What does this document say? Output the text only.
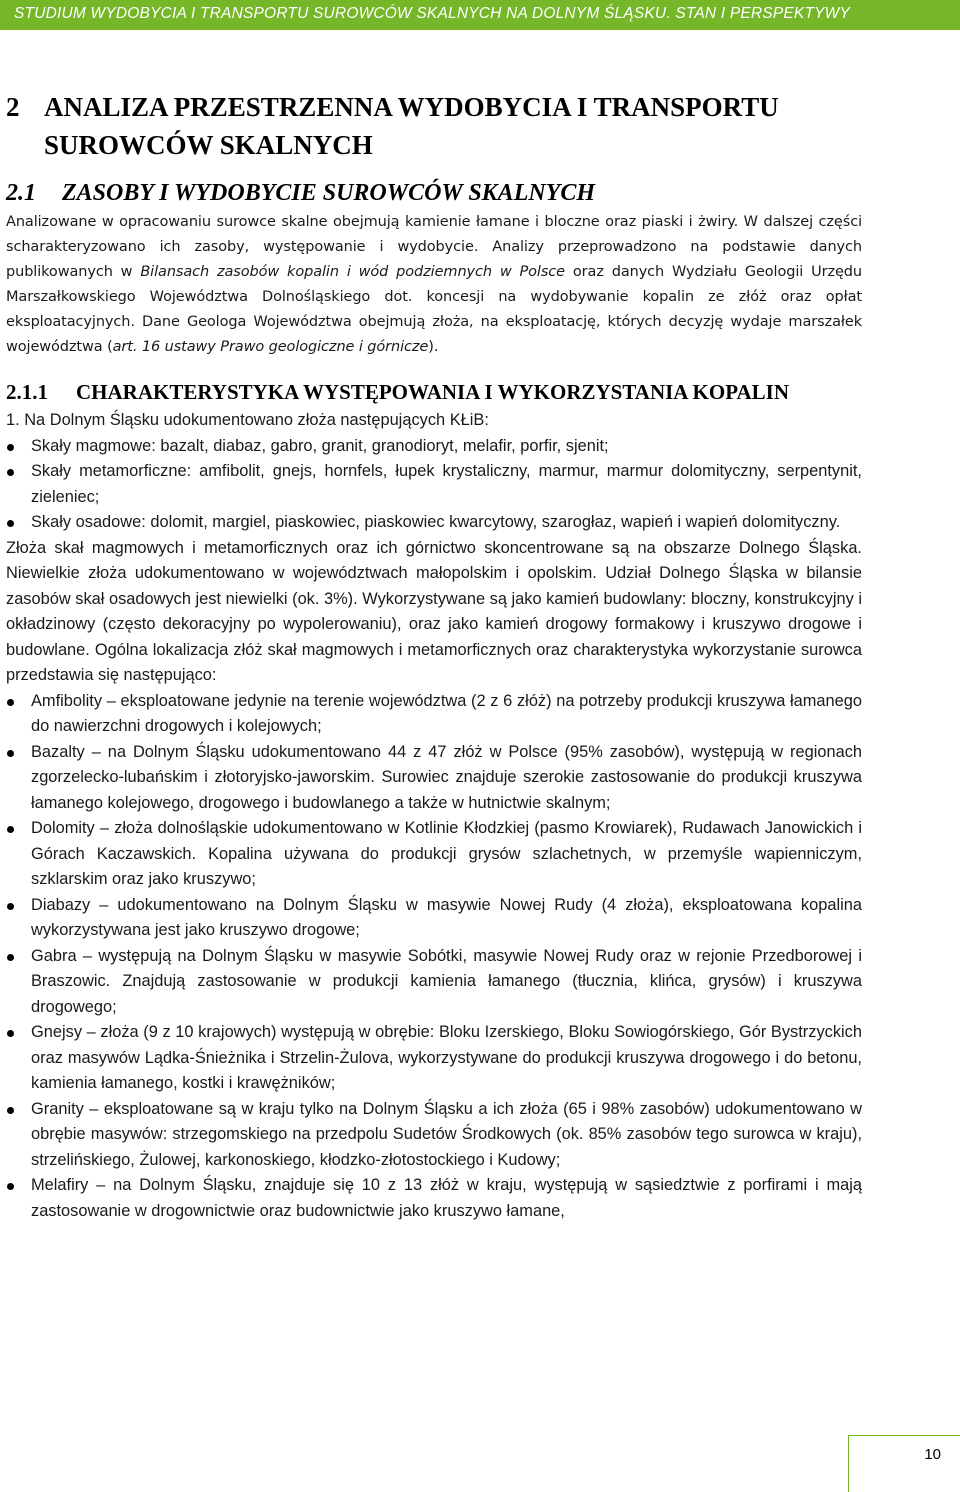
STUDIUM WYDOBYCIA I TRANSPORTU SUROWCÓW SKALNYCH NA DOLNYM ŚLĄSKU. STAN I PERSPEKTYWY
2 ANALIZA PRZESTRZENNA WYDOBYCIA I TRANSPORTU
SUROWCÓW SKALNYCH
2.1	ZASOBY I WYDOBYCIE SUROWCÓW SKALNYCH

Analizowane w opracowaniu surowce skalne obejmują kamienie łamane i bloczne oraz piaski i żwiry. W dalszej części scharakteryzowano ich zasoby, występowanie i wydobycie. Analizy przeprowadzono na podstawie danych publikowanych w Bilansach zasobów kopalin i wód podziemnych w Polsce oraz danych Wydziału Geologii Urzędu Marszałkowskiego Województwa Dolnośląskiego dot. koncesji na wydobywanie kopalin ze złóż oraz opłat eksploatacyjnych. Dane Geologa Województwa obejmują złoża, na eksploatację, których decyzję wydaje marszałek województwa (art. 16 ustawy Prawo geologiczne i górnicze).

2.1.1	CHARAKTERYSTYKA WYSTĘPOWANIA I WYKORZYSTANIA KOPALIN

1. Na Dolnym Śląsku udokumentowano złoża następujących KŁiB:

Skały magmowe: bazalt, diabaz, gabro, granit, granodioryt, melafir, porfir, sjenit;
Skały metamorficzne: amfibolit, gnejs, hornfels, łupek krystaliczny, marmur, marmur dolomityczny, serpentynit, zieleniec;
Skały osadowe: dolomit, margiel, piaskowiec, piaskowiec kwarcytowy, szarogłaz, wapień i wapień dolomityczny.

Złoża skał magmowych i metamorficznych oraz ich górnictwo skoncentrowane są na obszarze Dolnego Śląska. Niewielkie złoża udokumentowano w województwach małopolskim i opolskim. Udział Dolnego Śląska w bilansie zasobów skał osadowych jest niewielki (ok. 3%). Wykorzystywane są jako kamień budowlany: bloczny, konstrukcyjny i okładzinowy (często dekoracyjny po wypolerowaniu), oraz jako kamień drogowy formakowy i kruszywo drogowe i budowlane. Ogólna lokalizacja złóż skał magmowych i metamorficznych oraz charakterystyka wykorzystanie surowca przedstawia się następująco:

Amfibolity – eksploatowane jedynie na terenie województwa (2 z 6 złóż) na potrzeby produkcji kruszywa łamanego do nawierzchni drogowych i kolejowych;
Bazalty – na Dolnym Śląsku udokumentowano 44 z 47 złóż w Polsce (95% zasobów), występują w regionach zgorzelecko-lubańskim i złotoryjsko-jaworskim. Surowiec znajduje szerokie zastosowanie do produkcji kruszywa łamanego kolejowego, drogowego i budowlanego a także w hutnictwie skalnym;
Dolomity – złoża dolnośląskie udokumentowano w Kotlinie Kłodzkiej (pasmo Krowiarek), Rudawach Janowickich i Górach Kaczawskich. Kopalina używana do produkcji grysów szlachetnych, w przemyśle wapienniczym, szklarskim oraz jako kruszywo;
Diabazy – udokumentowano na Dolnym Śląsku w masywie Nowej Rudy (4 złoża), eksploatowana kopalina wykorzystywana jest jako kruszywo drogowe;
Gabra – występują na Dolnym Śląsku w masywie Sobótki, masywie Nowej Rudy oraz w rejonie Przedborowej i Braszowic. Znajdują zastosowanie w produkcji kamienia łamanego (tłucznia, klińca, grysów) i kruszywa drogowego;
Gnejsy – złoża (9 z 10 krajowych) występują w obrębie: Bloku Izerskiego, Bloku Sowiogórskiego, Gór Bystrzyckich oraz masywów Lądka-Śnieżnika i Strzelin-Żulova, wykorzystywane do produkcji kruszywa drogowego i do betonu, kamienia łamanego, kostki i krawężników;
Granity – eksploatowane są w kraju tylko na Dolnym Śląsku a ich złoża (65 i 98% zasobów) udokumentowano w obrębie masywów: strzegomskiego na przedpolu Sudetów Środkowych (ok. 85% zasobów tego surowca w kraju), strzelińskiego, Żulowej, karkonoskiego, kłodzko-złotostockiego i Kudowy;
Melafiry – na Dolnym Śląsku, znajduje się 10 z 13 złóż w kraju, występują w sąsiedztwie z porfirami i mają zastosowanie w drogownictwie oraz budownictwie jako kruszywo łamane,
10
